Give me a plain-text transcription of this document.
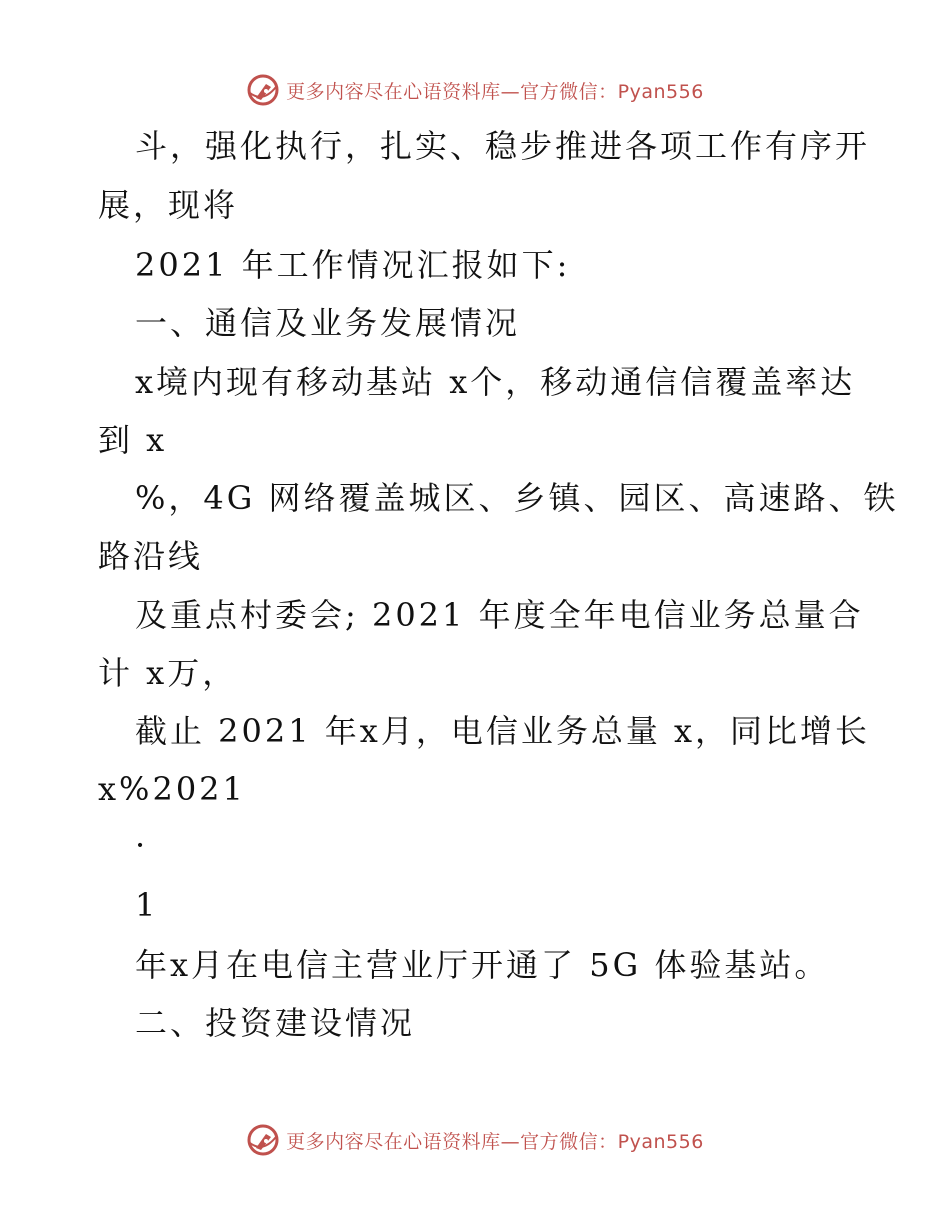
更多内容尽在心语资料库—官方微信：Pyan556
斗，强化执行，扎实、稳步推进各项工作有序开
展，现将
2021 年工作情况汇报如下:
一、通信及业务发展情况
x境内现有移动基站 x个，移动通信信覆盖率达
到 x
%，4G 网络覆盖城区、乡镇、园区、高速路、铁
路沿线
及重点村委会; 2021 年度全年电信业务总量合
计 x万，
截止 2021 年x月，电信业务总量 x，同比增长
x%2021
·
1
年x月在电信主营业厅开通了 5G 体验基站。
二、投资建设情况
更多内容尽在心语资料库—官方微信：Pyan556
